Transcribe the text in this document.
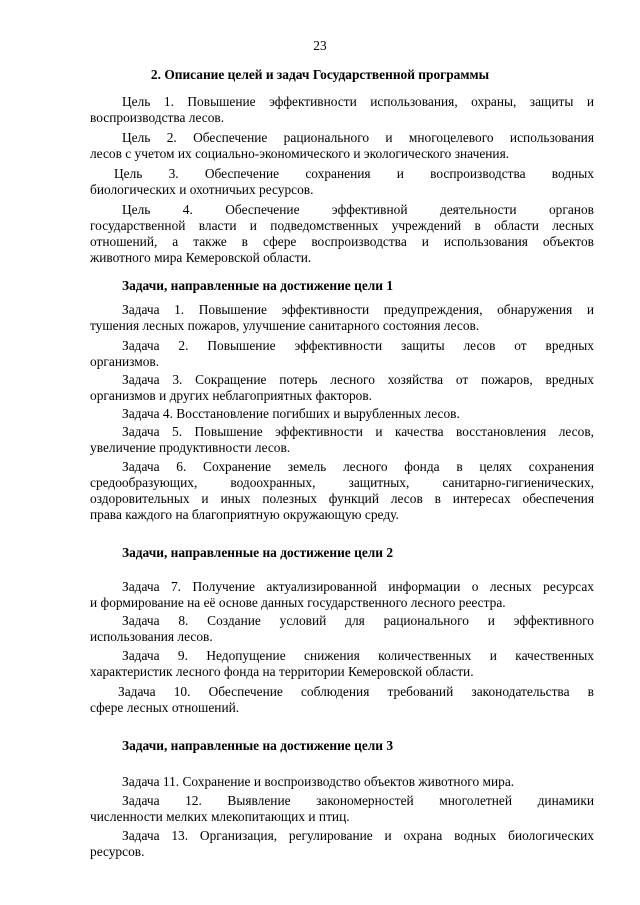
23

2. Описание целей и задач Государственной программы

Цель 1. Повышение эффективности использования, охраны, защиты и

воспроизводства лесов.

Цель 2. Обеспечение рационального и многоцелевого использования

лесов с учетом их социально-экономического и экологического значения.

Цель 3. Обеспечение сохранения и воспроизводства водных

биологических и охотничьих ресурсов.

Цель 4. Обеспечение эффективной деятельности органов

государственной власти и подведомственных учреждений в области лесных

отношений, а также в сфере воспроизводства и использования объектов

животного мира Кемеровской области.

Задачи, направленные на достижение цели 1

Задача 1. Повышение эффективности предупреждения, обнаружения и

тушения лесных пожаров, улучшение санитарного состояния лесов.

Задача 2. Повышение эффективности защиты лесов от вредных

организмов.

Задача 3. Сокращение потерь лесного хозяйства от пожаров, вредных

организмов и других неблагоприятных факторов.

Задача 4. Восстановление погибших и вырубленных лесов.

Задача 5. Повышение эффективности и качества восстановления лесов,

увеличение продуктивности лесов.

Задача 6. Сохранение земель лесного фонда в целях сохранения

средообразующих, водоохранных, защитных, санитарно-гигиенических,

оздоровительных и иных полезных функций лесов в интересах обеспечения

права каждого на благоприятную окружающую среду.

Задачи, направленные на достижение цели 2

Задача 7. Получение актуализированной информации о лесных ресурсах

и формирование на её основе данных государственного лесного реестра.

Задача 8. Создание условий для рационального и эффективного

использования лесов.

Задача 9. Недопущение снижения количественных и качественных

характеристик лесного фонда на территории Кемеровской области.

Задача 10. Обеспечение соблюдения требований законодательства в

сфере лесных отношений.

Задачи, направленные на достижение цели 3

Задача 11. Сохранение и воспроизводство объектов животного мира.

Задача 12. Выявление закономерностей многолетней динамики

численности мелких млекопитающих и птиц.

Задача 13. Организация, регулирование и охрана водных биологических

ресурсов.
